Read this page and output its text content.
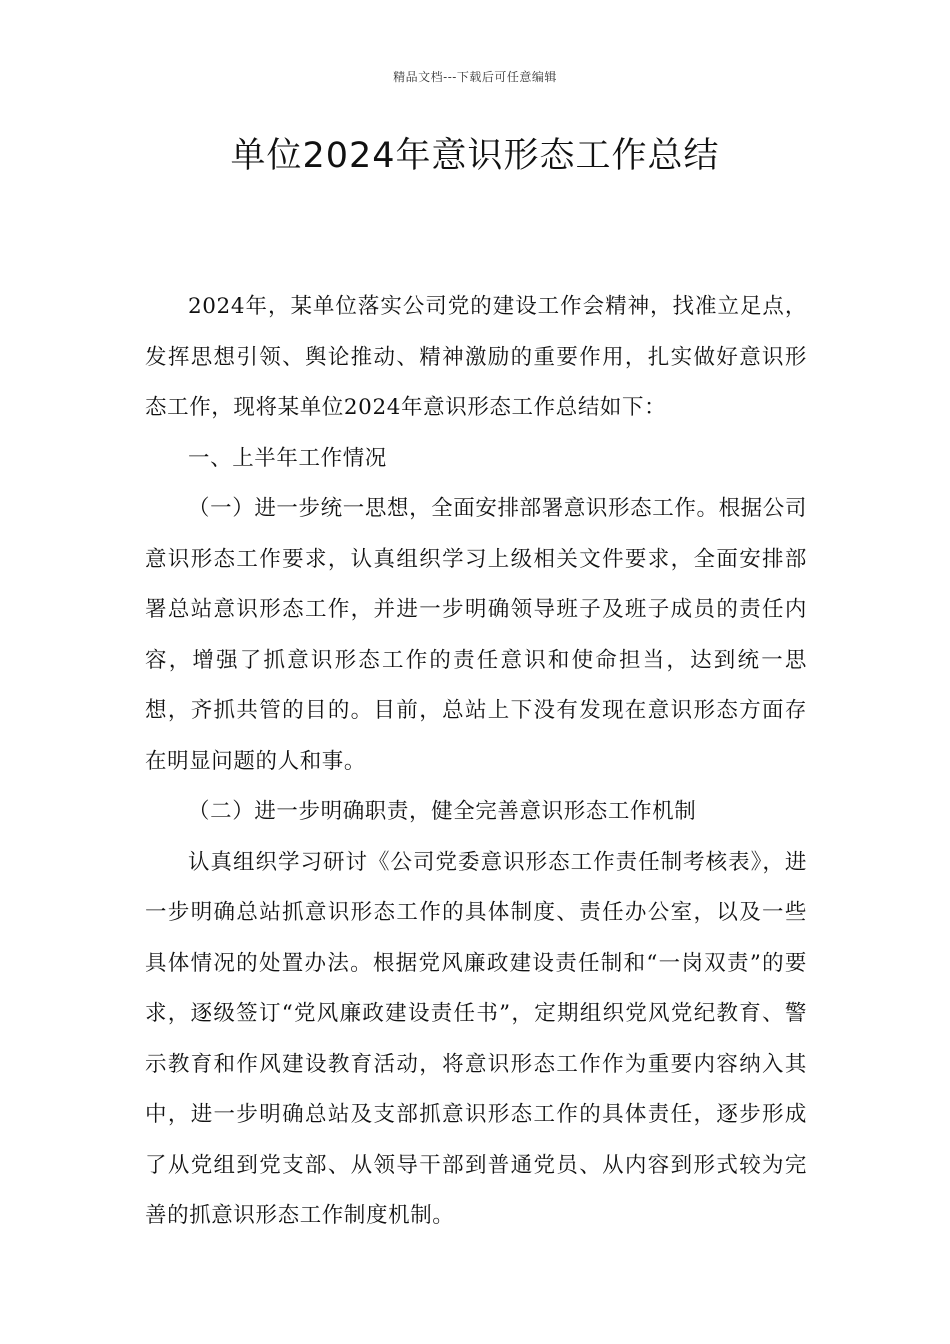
精品文档---下载后可任意编辑
单位2024年意识形态工作总结

2024年，某单位落实公司党的建设工作会精神，找准立足点，发挥思想引领、舆论推动、精神激励的重要作用，扎实做好意识形态工作，现将某单位2024年意识形态工作总结如下：

一、上半年工作情况

（一）进一步统一思想，全面安排部署意识形态工作。根据公司意识形态工作要求，认真组织学习上级相关文件要求，全面安排部署总站意识形态工作，并进一步明确领导班子及班子成员的责任内容，增强了抓意识形态工作的责任意识和使命担当，达到统一思想，齐抓共管的目的。目前，总站上下没有发现在意识形态方面存在明显问题的人和事。

（二）进一步明确职责，健全完善意识形态工作机制

认真组织学习研讨《公司党委意识形态工作责任制考核表》，进一步明确总站抓意识形态工作的具体制度、责任办公室，以及一些具体情况的处置办法。根据党风廉政建设责任制和“一岗双责”的要求，逐级签订“党风廉政建设责任书”，定期组织党风党纪教育、警示教育和作风建设教育活动，将意识形态工作作为重要内容纳入其中，进一步明确总站及支部抓意识形态工作的具体责任，逐步形成了从党组到党支部、从领导干部到普通党员、从内容到形式较为完善的抓意识形态工作制度机制。
